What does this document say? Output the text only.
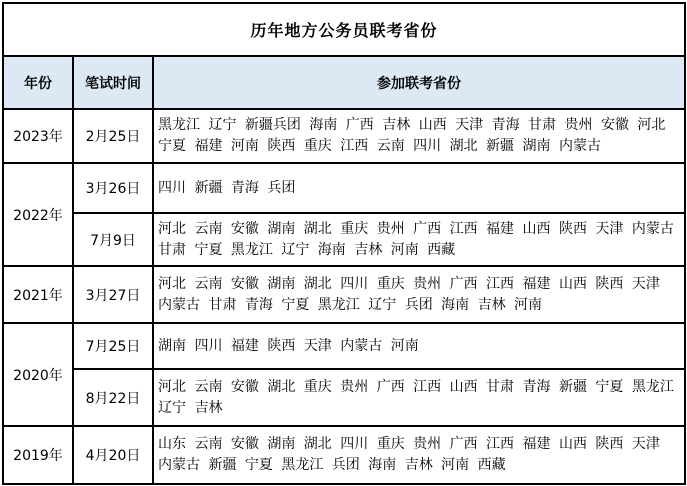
历年地方公务员联考省份		
年份	笔试时间	参加联考省份
2023年	2月25日	黑龙江 辽宁 新疆兵团 海南 广西 吉林 山西 天津 青海 甘肃 贵州 安徽 河北 宁夏 福建 河南 陕西 重庆 江西 云南 四川 湖北 新疆 湖南 内蒙古
2022年	3月26日	四川 新疆 青海 兵团
	7月9日	河北 云南 安徽 湖南 湖北 重庆 贵州 广西 江西 福建 山西 陕西 天津 内蒙古 甘肃 宁夏 黑龙江 辽宁 海南 吉林 河南 西藏
2021年	3月27日	河北 云南 安徽 湖南 湖北 四川 重庆 贵州 广西 江西 福建 山西 陕西 天津 内蒙古 甘肃 青海 宁夏 黑龙江 辽宁 兵团 海南 吉林 河南
2020年	7月25日	湖南 四川 福建 陕西 天津 内蒙古 河南
	8月22日	河北 云南 安徽 湖北 重庆 贵州 广西 江西 山西 甘肃 青海 新疆 宁夏 黑龙江 辽宁 吉林
2019年	4月20日	山东 云南 安徽 湖南 湖北 四川 重庆 贵州 广西 江西 福建 山西 陕西 天津 内蒙古 新疆 宁夏 黑龙江 兵团 海南 吉林 河南 西藏
